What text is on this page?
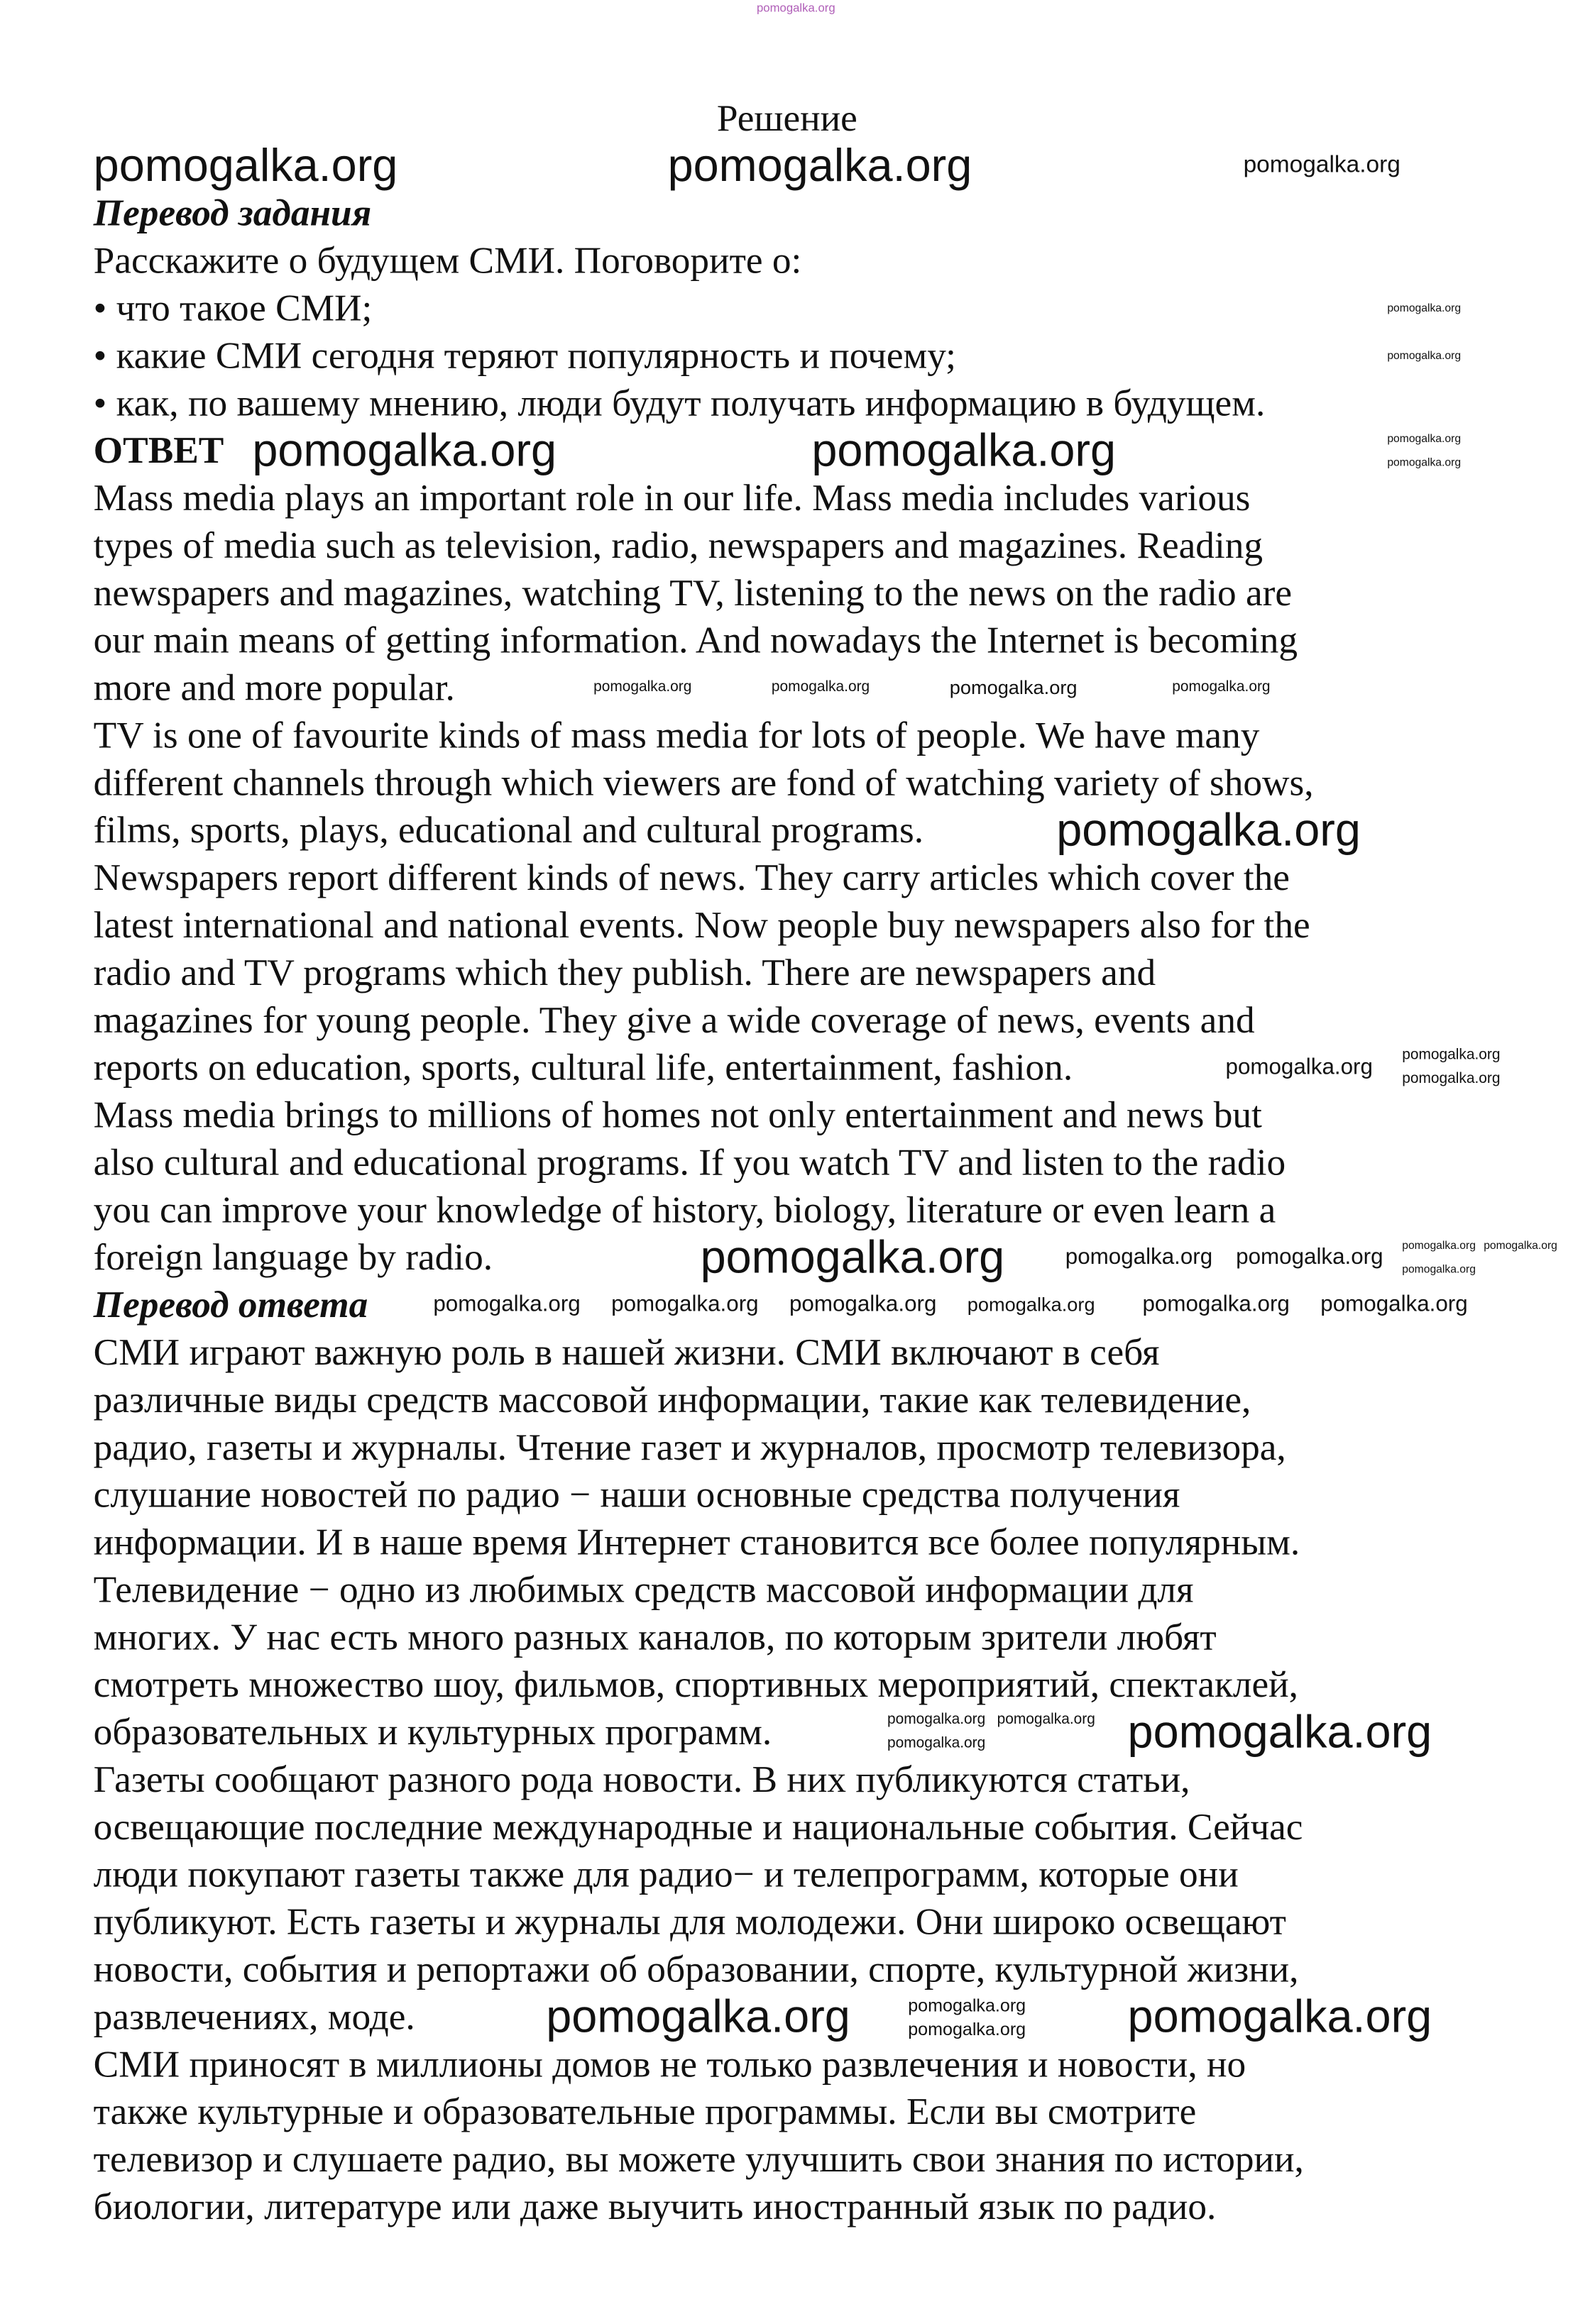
Решение
Перевод задания
Расскажите о будущем СМИ. Поговорите о:
• что такое СМИ;
• какие СМИ сегодня теряют популярность и почему;
• как, по вашему мнению, люди будут получать информацию в будущем.
ОТВЕТ
Mass media plays an important role in our life. Mass media includes various
types of media such as television, radio, newspapers and magazines. Reading
newspapers and magazines, watching TV, listening to the news on the radio are
our main means of getting information. And nowadays the Internet is becoming
more and more popular.
TV is one of favourite kinds of mass media for lots of people. We have many
different channels through which viewers are fond of watching variety of shows,
films, sports, plays, educational and cultural programs.
Newspapers report different kinds of news. They carry articles which cover the
latest international and national events. Now people buy newspapers also for the
radio and TV programs which they publish. There are newspapers and
magazines for young people. They give a wide coverage of news, events and
reports on education, sports, cultural life, entertainment, fashion.
Mass media brings to millions of homes not only entertainment and news but
also cultural and educational programs. If you watch TV and listen to the radio
you can improve your knowledge of history, biology, literature or even learn a
foreign language by radio.
Перевод ответа
СМИ играют важную роль в нашей жизни. СМИ включают в себя
различные виды средств массовой информации, такие как телевидение,
радио, газеты и журналы. Чтение газет и журналов, просмотр телевизора,
слушание новостей по радио − наши основные средства получения
информации. И в наше время Интернет становится все более популярным.
Телевидение − одно из любимых средств массовой информации для
многих. У нас есть много разных каналов, по которым зрители любят
смотреть множество шоу, фильмов, спортивных мероприятий, спектаклей,
образовательных и культурных программ.
Газеты сообщают разного рода новости. В них публикуются статьи,
освещающие последние международные и национальные события. Сейчас
люди покупают газеты также для радио− и телепрограмм, которые они
публикуют. Есть газеты и журналы для молодежи. Они широко освещают
новости, события и репортажи об образовании, спорте, культурной жизни,
развлечениях, моде.
СМИ приносят в миллионы домов не только развлечения и новости, но
также культурные и образовательные программы. Если вы смотрите
телевизор и слушаете радио, вы можете улучшить свои знания по истории,
биологии, литературе или даже выучить иностранный язык по радио.
pomogalka.org
pomogalka.org	pomogalka.org	pomogalka.org
pomogalka.org
pomogalka.org
pomogalka.org
pomogalka.org
pomogalka.org	pomogalka.org
pomogalka.org	pomogalka.org	pomogalka.org
pomogalka.org
pomogalka.org
pomogalka.org	pomogalka.org
pomogalka.org
pomogalka.org
pomogalka.org
pomogalka.org	pomogalka.org
pomogalka.org
pomogalka.org
pomogalka.org	pomogalka.org
pomogalka.org
pomogalka.org
pomogalka.org	pomogalka.org	pomogalka.org	pomogalka.org
pomogalka.org
pomogalka.org
pomogalka.org
pomogalka.org	pomogalka.org
pomogalka.org
